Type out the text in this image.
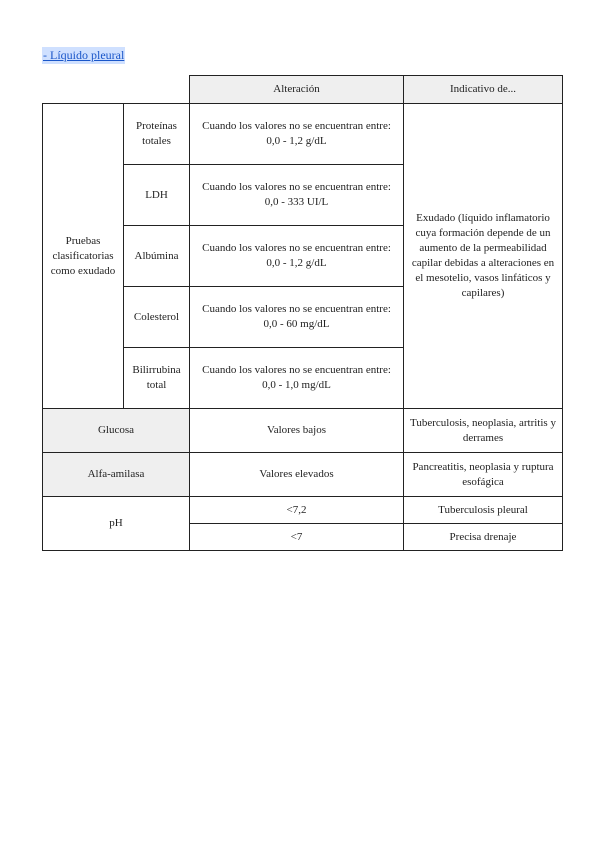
- Líquido pleural
		Alteración	Indicativo de...
Pruebas clasificatorias como exudado	Proteínas totales	Cuando los valores no se encuentran entre:
0,0 - 1,2 g/dL	Exudado (líquido inflamatorio cuya formación depende de un aumento de la permeabilidad capilar debidas a alteraciones en el mesotelio, vasos linfáticos y capilares)
	LDH	Cuando los valores no se encuentran entre:
0,0 - 333 UI/L	

	Albúmina	Cuando los valores no se encuentran entre:
0,0 - 1,2 g/dL	

	Colesterol	Cuando los valores no se encuentran entre:
0,0 - 60 mg/dL	

	Bilirrubina total	Cuando los valores no se encuentran entre:
0,0 - 1,0 mg/dL	

Glucosa		Valores bajos	Tuberculosis, neoplasia, artritis y derrames
Alfa-amilasa		Valores elevados	Pancreatitis, neoplasia y ruptura esofágica
pH		<7,2	Tuberculosis pleural
		<7	Precisa drenaje
